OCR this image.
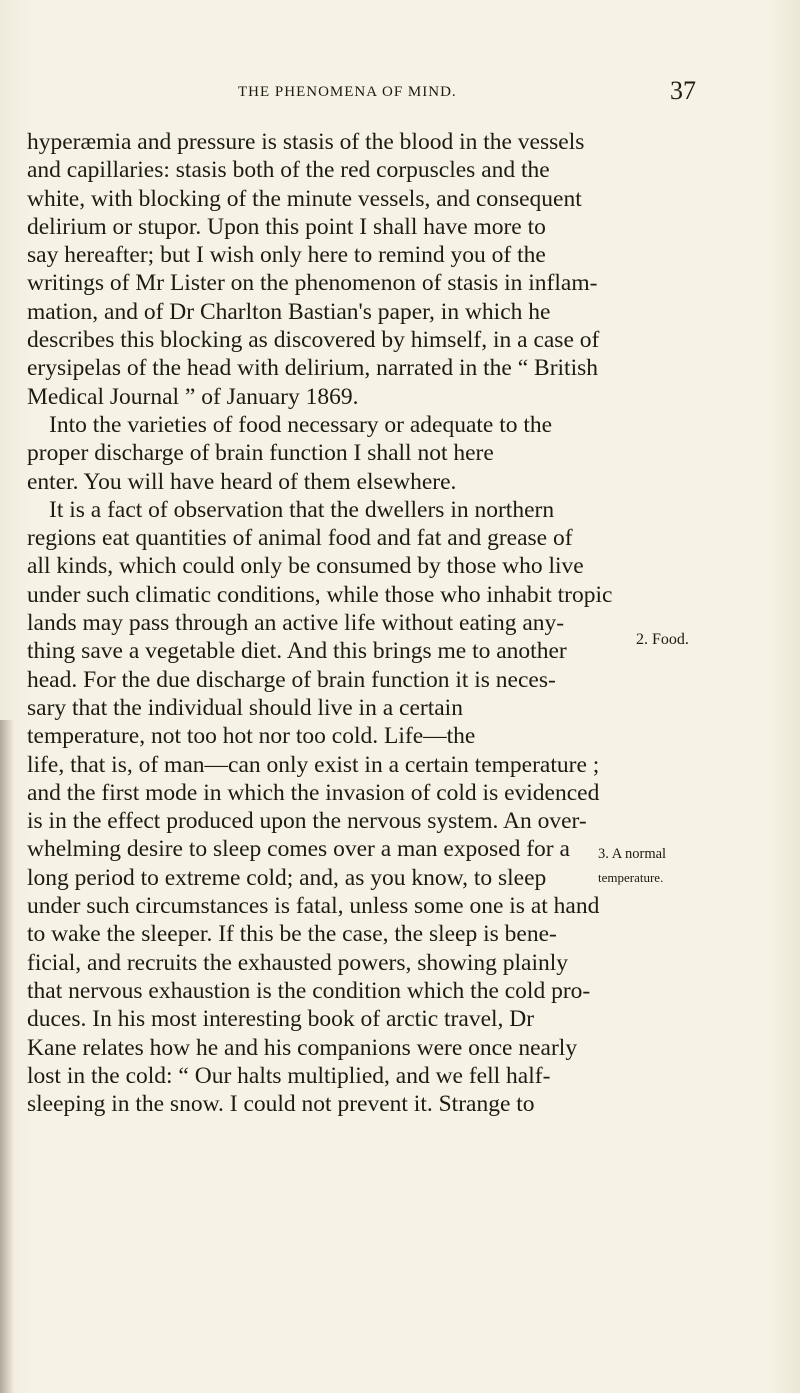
THE PHENOMENA OF MIND.	37
hyperæmia and pressure is stasis of the blood in the vessels
and capillaries: stasis both of the red corpuscles and the
white, with blocking of the minute vessels, and consequent
delirium or stupor. Upon this point I shall have more to
say hereafter; but I wish only here to remind you of the
writings of Mr Lister on the phenomenon of stasis in inflam-
mation, and of Dr Charlton Bastian's paper, in which he
describes this blocking as discovered by himself, in a case of
erysipelas of the head with delirium, narrated in the “ British
Medical Journal ” of January 1869.
Into the varieties of food necessary or adequate to the
proper discharge of brain function I shall not here
enter. You will have heard of them elsewhere.
It is a fact of observation that the dwellers in northern
regions eat quantities of animal food and fat and grease of
all kinds, which could only be consumed by those who live
under such climatic conditions, while those who inhabit tropic
lands may pass through an active life without eating any-
thing save a vegetable diet. And this brings me to another
head. For the due discharge of brain function it is neces-
sary that the individual should live in a certain
temperature, not too hot nor too cold. Life—the
life, that is, of man—can only exist in a certain temperature ;
and the first mode in which the invasion of cold is evidenced
is in the effect produced upon the nervous system. An over-
whelming desire to sleep comes over a man exposed for a
long period to extreme cold; and, as you know, to sleep
under such circumstances is fatal, unless some one is at hand
to wake the sleeper. If this be the case, the sleep is bene-
ficial, and recruits the exhausted powers, showing plainly
that nervous exhaustion is the condition which the cold pro-
duces. In his most interesting book of arctic travel, Dr
Kane relates how he and his companions were once nearly
lost in the cold: “ Our halts multiplied, and we fell half-
sleeping in the snow. I could not prevent it. Strange to
2. Food.
3. A normal
temperature.
